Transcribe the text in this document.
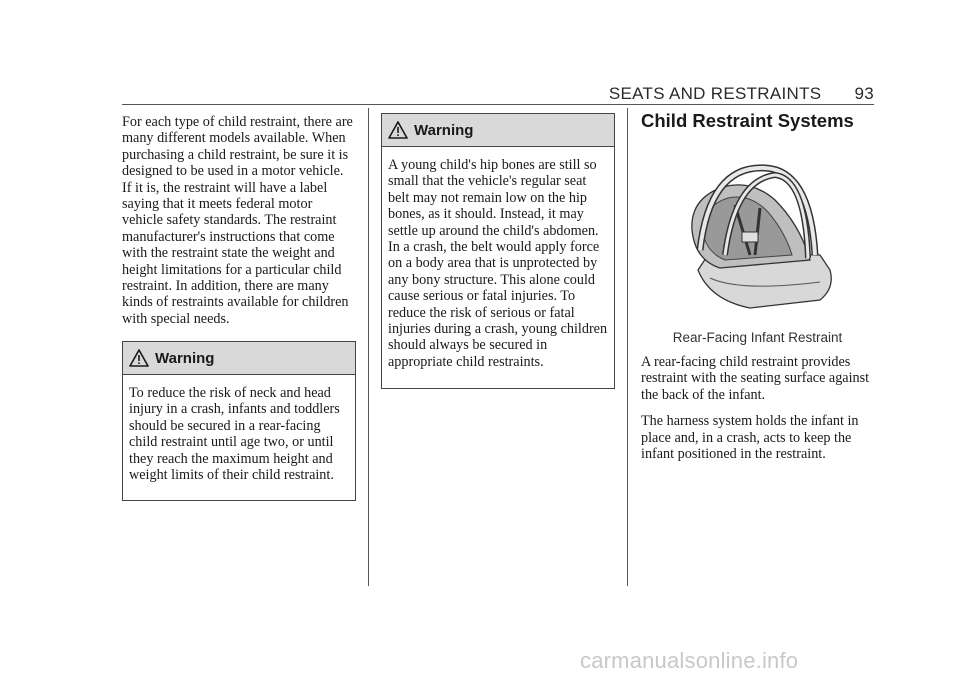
SEATS AND RESTRAINTS 93

For each type of child restraint, there are many different models available. When purchasing a child restraint, be sure it is designed to be used in a motor vehicle. If it is, the restraint will have a label saying that it meets federal motor vehicle safety standards. The restraint manufacturer's instructions that come with the restraint state the weight and height limitations for a particular child restraint. In addition, there are many kinds of restraints available for children with special needs.

Warning
To reduce the risk of neck and head injury in a crash, infants and toddlers should be secured in a rear-facing child restraint until age two, or until they reach the maximum height and weight limits of their child restraint.
Warning
A young child's hip bones are still so small that the vehicle's regular seat belt may not remain low on the hip bones, as it should. Instead, it may settle up around the child's abdomen. In a crash, the belt would apply force on a body area that is unprotected by any bony structure. This alone could cause serious or fatal injuries. To reduce the risk of serious or fatal injuries during a crash, young children should always be secured in appropriate child restraints.
Child Restraint Systems
Rear-Facing Infant Restraint

A rear-facing child restraint provides restraint with the seating surface against the back of the infant.

The harness system holds the infant in place and, in a crash, acts to keep the infant positioned in the restraint.

carmanualsonline.info
